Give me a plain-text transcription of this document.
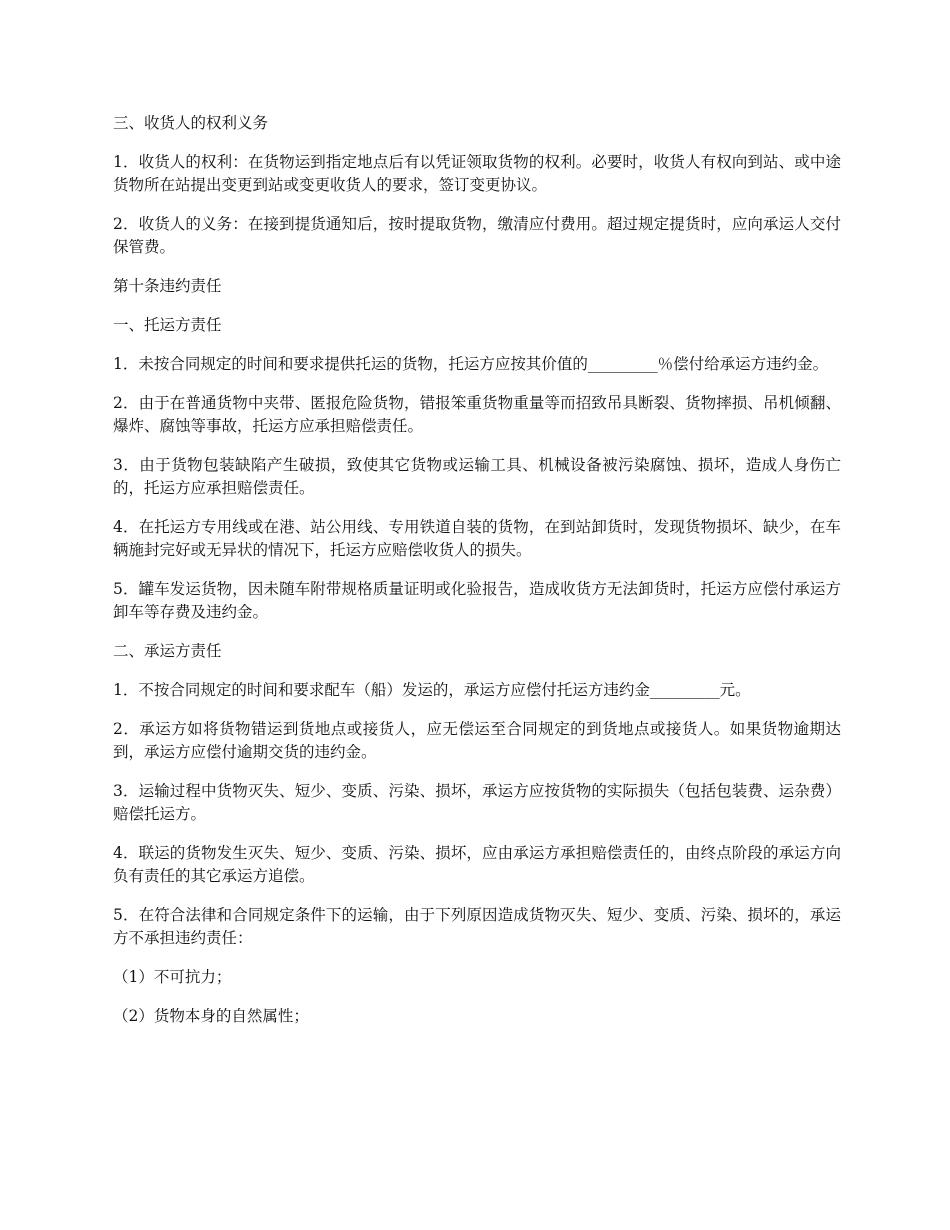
三、收货人的权利义务

1．收货人的权利：在货物运到指定地点后有以凭证领取货物的权利。必要时，收货人有权向到站、或中途货物所在站提出变更到站或变更收货人的要求，签订变更协议。

2．收货人的义务：在接到提货通知后，按时提取货物，缴清应付费用。超过规定提货时，应向承运人交付保管费。

第十条违约责任

一、托运方责任

1．未按合同规定的时间和要求提供托运的货物，托运方应按其价值的_________％偿付给承运方违约金。

2．由于在普通货物中夹带、匿报危险货物，错报笨重货物重量等而招致吊具断裂、货物摔损、吊机倾翻、爆炸、腐蚀等事故，托运方应承担赔偿责任。

3．由于货物包装缺陷产生破损，致使其它货物或运输工具、机械设备被污染腐蚀、损坏，造成人身伤亡的，托运方应承担赔偿责任。

4．在托运方专用线或在港、站公用线、专用铁道自装的货物，在到站卸货时，发现货物损坏、缺少，在车辆施封完好或无异状的情况下，托运方应赔偿收货人的损失。

5．罐车发运货物，因未随车附带规格质量证明或化验报告，造成收货方无法卸货时，托运方应偿付承运方卸车等存费及违约金。

二、承运方责任

1．不按合同规定的时间和要求配车（船）发运的，承运方应偿付托运方违约金_________元。

2．承运方如将货物错运到货地点或接货人，应无偿运至合同规定的到货地点或接货人。如果货物逾期达到，承运方应偿付逾期交货的违约金。

3．运输过程中货物灭失、短少、变质、污染、损坏，承运方应按货物的实际损失（包括包装费、运杂费）赔偿托运方。

4．联运的货物发生灭失、短少、变质、污染、损坏，应由承运方承担赔偿责任的，由终点阶段的承运方向负有责任的其它承运方追偿。

5．在符合法律和合同规定条件下的运输，由于下列原因造成货物灭失、短少、变质、污染、损坏的，承运方不承担违约责任：

（1）不可抗力；

（2）货物本身的自然属性；
